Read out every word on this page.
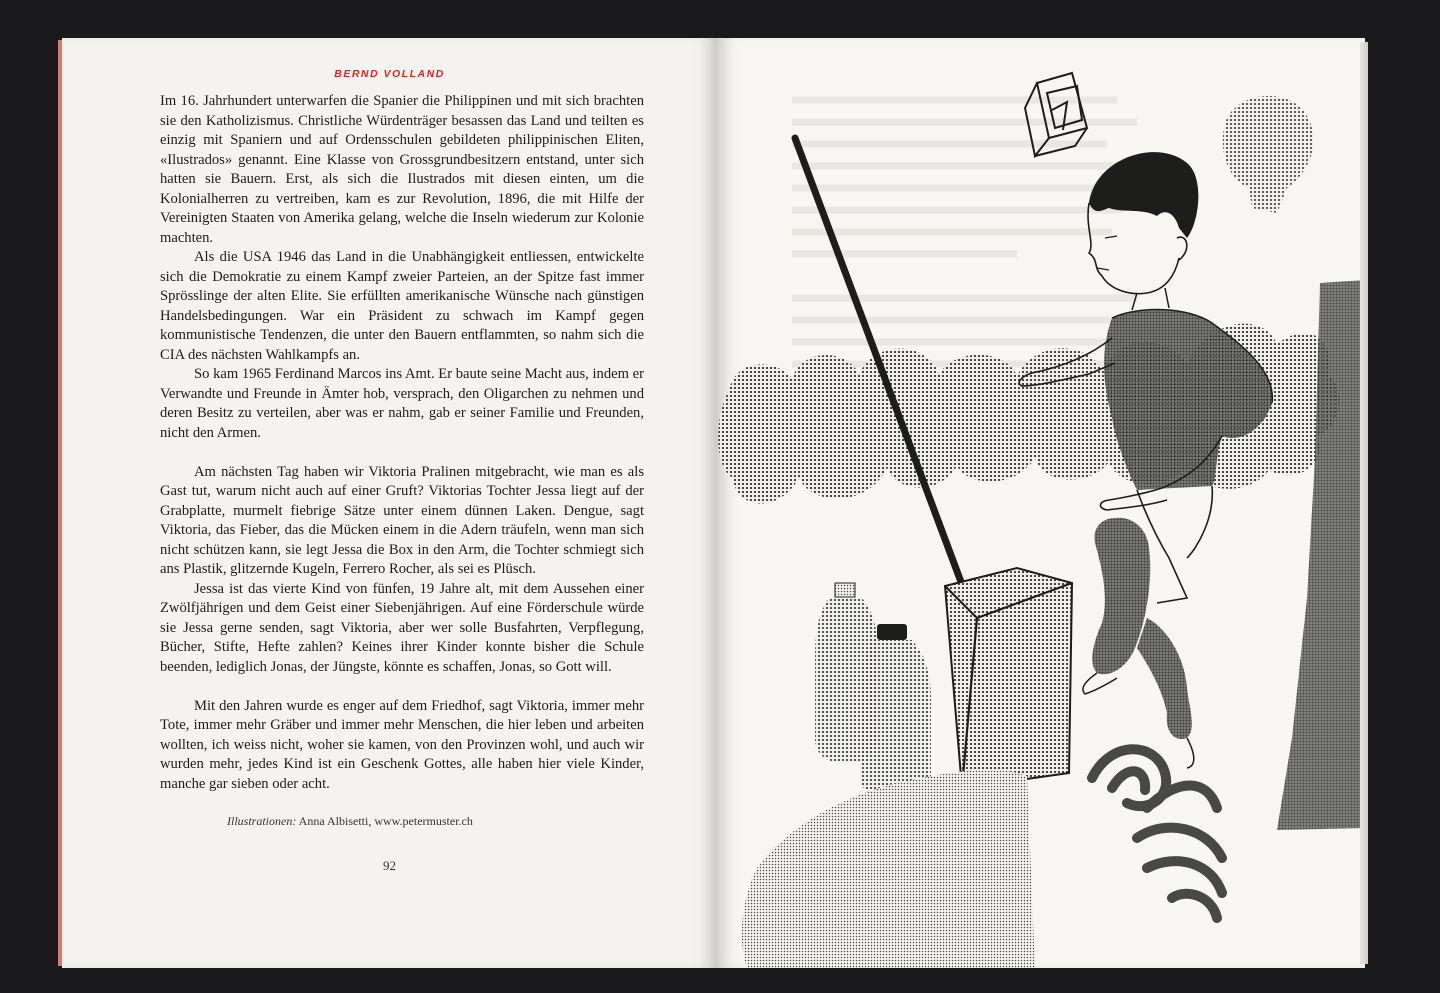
BERND VOLLAND

Im 16. Jahrhundert unterwarfen die Spanier die Philippinen und mit sich brachten sie den Katholizismus. Christliche Würdenträger besassen das Land und teilten es einzig mit Spaniern und auf Ordensschulen gebildeten philippinischen Eliten, «Ilustrados» genannt. Eine Klasse von Grossgrundbesitzern entstand, unter sich hatten sie Bauern. Erst, als sich die Ilustrados mit diesen einten, um die Kolonialherren zu vertreiben, kam es zur Revolution, 1896, die mit Hilfe der Vereinigten Staaten von Amerika gelang, welche die Inseln wiederum zur Kolonie machten.

Als die USA 1946 das Land in die Unabhängigkeit entliessen, entwickelte sich die Demokratie zu einem Kampf zweier Parteien, an der Spitze fast immer Sprösslinge der alten Elite. Sie erfüllten amerikanische Wünsche nach günstigen Handelsbedingungen. War ein Präsident zu schwach im Kampf gegen kommunistische Tendenzen, die unter den Bauern entflammten, so nahm sich die CIA des nächsten Wahlkampfs an.

So kam 1965 Ferdinand Marcos ins Amt. Er baute seine Macht aus, indem er Verwandte und Freunde in Ämter hob, versprach, den Oligarchen zu nehmen und deren Besitz zu verteilen, aber was er nahm, gab er seiner Familie und Freunden, nicht den Armen.

Am nächsten Tag haben wir Viktoria Pralinen mitgebracht, wie man es als Gast tut, warum nicht auch auf einer Gruft? Viktorias Tochter Jessa liegt auf der Grabplatte, murmelt fiebrige Sätze unter einem dünnen Laken. Dengue, sagt Viktoria, das Fieber, das die Mücken einem in die Adern träufeln, wenn man sich nicht schützen kann, sie legt Jessa die Box in den Arm, die Tochter schmiegt sich ans Plastik, glitzernde Kugeln, Ferrero Rocher, als sei es Plüsch.

Jessa ist das vierte Kind von fünfen, 19 Jahre alt, mit dem Aussehen einer Zwölfjährigen und dem Geist einer Siebenjährigen. Auf eine Förderschule würde sie Jessa gerne senden, sagt Viktoria, aber wer solle Busfahrten, Verpflegung, Bücher, Stifte, Hefte zahlen? Keines ihrer Kinder konnte bisher die Schule beenden, lediglich Jonas, der Jüngste, könnte es schaffen, Jonas, so Gott will.

Mit den Jahren wurde es enger auf dem Friedhof, sagt Viktoria, immer mehr Tote, immer mehr Gräber und immer mehr Menschen, die hier leben und arbeiten wollten, ich weiss nicht, woher sie kamen, von den Provinzen wohl, und auch wir wurden mehr, jedes Kind ist ein Geschenk Gottes, alle haben hier viele Kinder, manche gar sieben oder acht.

Illustrationen: Anna Albisetti, www.petermuster.ch
92
